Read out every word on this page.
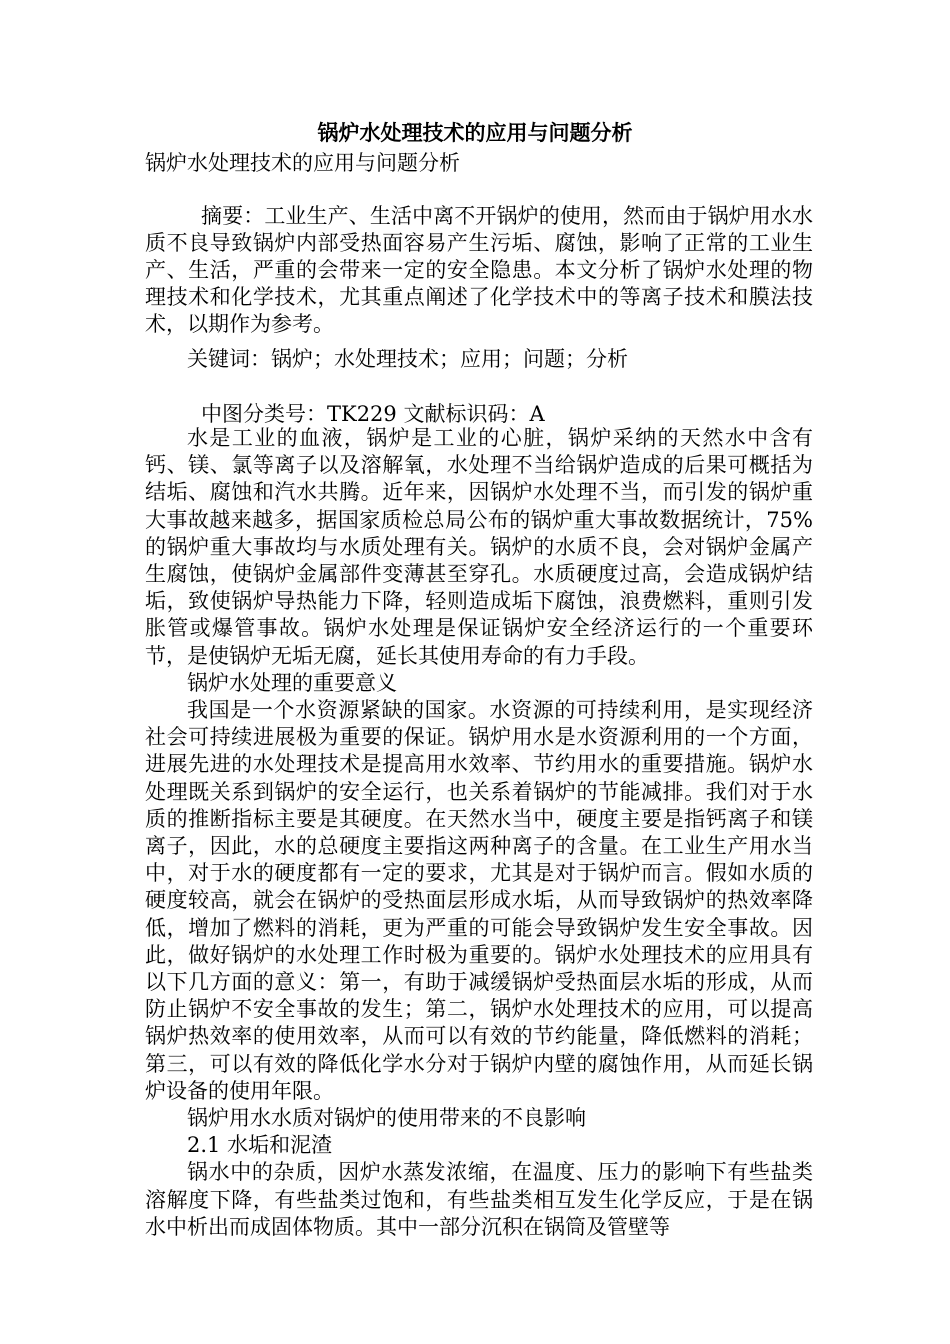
锅炉水处理技术的应用与问题分析
锅炉水处理技术的应用与问题分析

摘要：工业生产、生活中离不开锅炉的使用，然而由于锅炉用水水质不良导致锅炉内部受热面容易产生污垢、腐蚀，影响了正常的工业生产、生活，严重的会带来一定的安全隐患。本文分析了锅炉水处理的物理技术和化学技术，尤其重点阐述了化学技术中的等离子技术和膜法技术，以期作为参考。

关键词：锅炉；水处理技术；应用；问题；分析

中图分类号：TK229 文献标识码：A

水是工业的血液，锅炉是工业的心脏，锅炉采纳的天然水中含有钙、镁、氯等离子以及溶解氧，水处理不当给锅炉造成的后果可概括为结垢、腐蚀和汽水共腾。近年来，因锅炉水处理不当，而引发的锅炉重大事故越来越多，据国家质检总局公布的锅炉重大事故数据统计，75%的锅炉重大事故均与水质处理有关。锅炉的水质不良，会对锅炉金属产生腐蚀，使锅炉金属部件变薄甚至穿孔。水质硬度过高，会造成锅炉结垢，致使锅炉导热能力下降，轻则造成垢下腐蚀，浪费燃料，重则引发胀管或爆管事故。锅炉水处理是保证锅炉安全经济运行的一个重要环节，是使锅炉无垢无腐，延长其使用寿命的有力手段。

锅炉水处理的重要意义

我国是一个水资源紧缺的国家。水资源的可持续利用，是实现经济社会可持续进展极为重要的保证。锅炉用水是水资源利用的一个方面，进展先进的水处理技术是提高用水效率、节约用水的重要措施。锅炉水处理既关系到锅炉的安全运行，也关系着锅炉的节能减排。我们对于水质的推断指标主要是其硬度。在天然水当中，硬度主要是指钙离子和镁离子，因此，水的总硬度主要指这两种离子的含量。在工业生产用水当中，对于水的硬度都有一定的要求，尤其是对于锅炉而言。假如水质的硬度较高，就会在锅炉的受热面层形成水垢，从而导致锅炉的热效率降低，增加了燃料的消耗，更为严重的可能会导致锅炉发生安全事故。因此，做好锅炉的水处理工作时极为重要的。锅炉水处理技术的应用具有以下几方面的意义：第一，有助于减缓锅炉受热面层水垢的形成，从而防止锅炉不安全事故的发生；第二，锅炉水处理技术的应用，可以提高锅炉热效率的使用效率，从而可以有效的节约能量，降低燃料的消耗；第三，可以有效的降低化学水分对于锅炉内壁的腐蚀作用，从而延长锅炉设备的使用年限。

锅炉用水水质对锅炉的使用带来的不良影响

2.1 水垢和泥渣

锅水中的杂质，因炉水蒸发浓缩，在温度、压力的影响下有些盐类溶解度下降，有些盐类过饱和，有些盐类相互发生化学反应，于是在锅水中析出而成固体物质。其中一部分沉积在锅筒及管壁等
